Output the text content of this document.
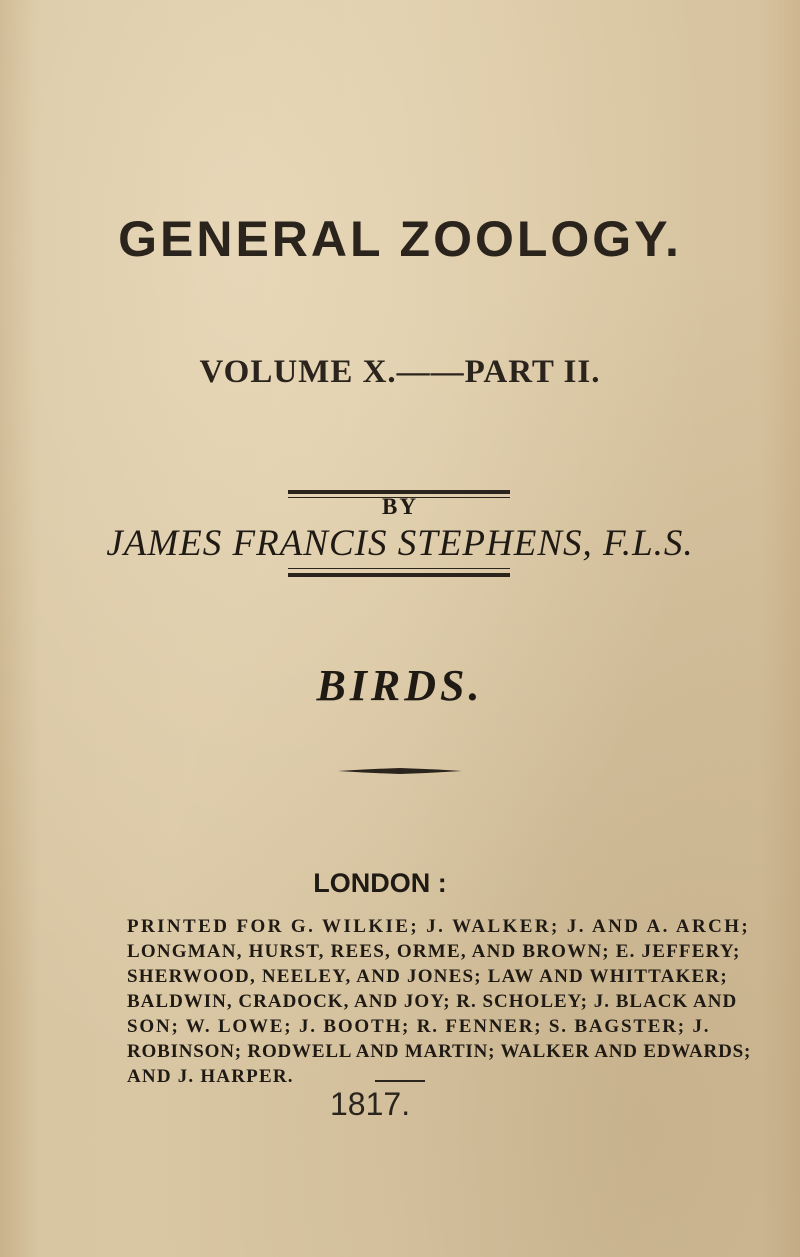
GENERAL ZOOLOGY.
VOLUME X.——PART II.
BY
JAMES FRANCIS STEPHENS, F.L.S.
BIRDS.
LONDON :
PRINTED FOR G. WILKIE; J. WALKER; J. AND A. ARCH;
LONGMAN, HURST, REES, ORME, AND BROWN; E. JEFFERY;
SHERWOOD, NEELEY, AND JONES; LAW AND WHITTAKER;
BALDWIN, CRADOCK, AND JOY; R. SCHOLEY; J. BLACK AND
SON; W. LOWE; J. BOOTH; R. FENNER; S. BAGSTER; J.
ROBINSON; RODWELL AND MARTIN; WALKER AND EDWARDS;
AND J. HARPER.
1817.
